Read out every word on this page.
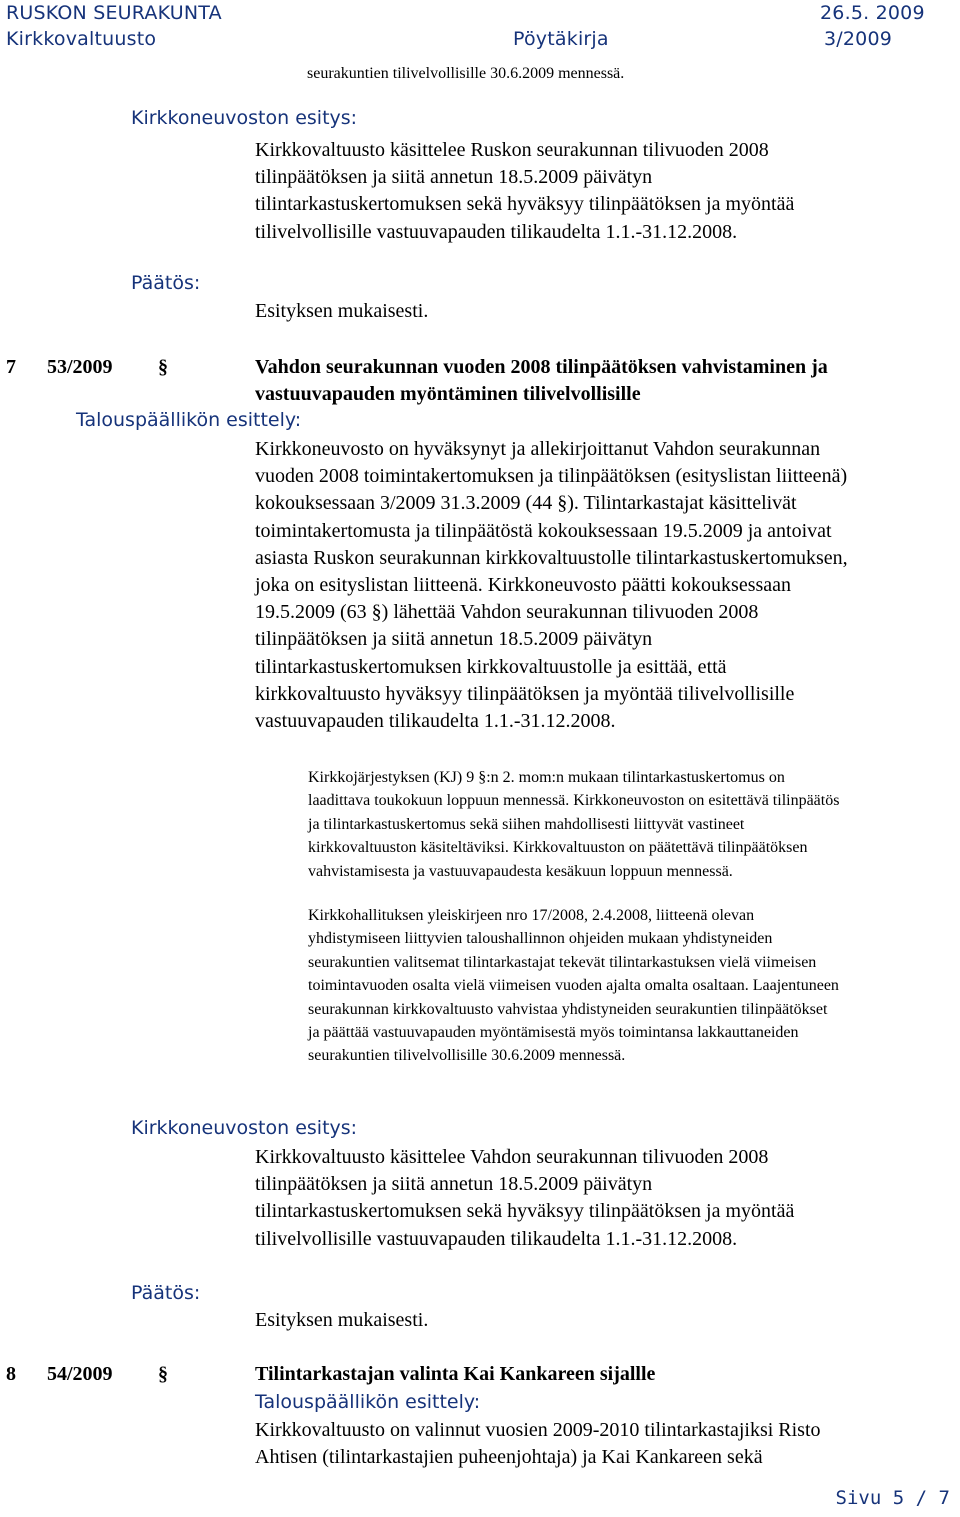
RUSKON SEURAKUNTA	26.5. 2009
Kirkkovaltuusto	Pöytäkirja	3/2009
seurakuntien tilivelvollisille 30.6.2009 mennessä.
Kirkkoneuvoston esitys:
Kirkkovaltuusto käsittelee Ruskon seurakunnan tilivuoden 2008
tilinpäätöksen ja siitä annetun 18.5.2009 päivätyn
tilintarkastuskertomuksen sekä hyväksyy tilinpäätöksen ja myöntää
tilivelvollisille vastuuvapauden tilikaudelta 1.1.-31.12.2008.
Päätös:
Esityksen mukaisesti.
7 53/2009 §	Vahdon seurakunnan vuoden 2008 tilinpäätöksen vahvistaminen ja
vastuuvapauden myöntäminen tilivelvollisille
Talouspäällikön esittely:
Kirkkoneuvosto on hyväksynyt ja allekirjoittanut Vahdon seurakunnan
vuoden 2008 toimintakertomuksen ja tilinpäätöksen (esityslistan liitteenä)
kokouksessaan 3/2009 31.3.2009 (44 §). Tilintarkastajat käsittelivät
toimintakertomusta ja tilinpäätöstä kokouksessaan 19.5.2009 ja antoivat
asiasta Ruskon seurakunnan kirkkovaltuustolle tilintarkastuskertomuksen,
joka on esityslistan liitteenä. Kirkkoneuvosto päätti kokouksessaan
19.5.2009 (63 §) lähettää Vahdon seurakunnan tilivuoden 2008
tilinpäätöksen ja siitä annetun 18.5.2009 päivätyn
tilintarkastuskertomuksen kirkkovaltuustolle ja esittää, että
kirkkovaltuusto hyväksyy tilinpäätöksen ja myöntää tilivelvollisille
vastuuvapauden tilikaudelta 1.1.-31.12.2008.
Kirkkojärjestyksen (KJ) 9 §:n 2. mom:n mukaan tilintarkastuskertomus on
laadittava toukokuun loppuun mennessä. Kirkkoneuvoston on esitettävä tilinpäätös
ja tilintarkastuskertomus sekä siihen mahdollisesti liittyvät vastineet
kirkkovaltuuston käsiteltäviksi. Kirkkovaltuuston on päätettävä tilinpäätöksen
vahvistamisesta ja vastuuvapaudesta kesäkuun loppuun mennessä.
Kirkkohallituksen yleiskirjeen nro 17/2008, 2.4.2008, liitteenä olevan
yhdistymiseen liittyvien taloushallinnon ohjeiden mukaan yhdistyneiden
seurakuntien valitsemat tilintarkastajat tekevät tilintarkastuksen vielä viimeisen
toimintavuoden osalta vielä viimeisen vuoden ajalta omalta osaltaan. Laajentuneen
seurakunnan kirkkovaltuusto vahvistaa yhdistyneiden seurakuntien tilinpäätökset
ja päättää vastuuvapauden myöntämisestä myös toimintansa lakkauttaneiden
seurakuntien tilivelvollisille 30.6.2009 mennessä.
Kirkkoneuvoston esitys:
Kirkkovaltuusto käsittelee Vahdon seurakunnan tilivuoden 2008
tilinpäätöksen ja siitä annetun 18.5.2009 päivätyn
tilintarkastuskertomuksen sekä hyväksyy tilinpäätöksen ja myöntää
tilivelvollisille vastuuvapauden tilikaudelta 1.1.-31.12.2008.
Päätös:
Esityksen mukaisesti.
8 54/2009 §	Tilintarkastajan valinta Kai Kankareen sijallle
Talouspäällikön esittely:
Kirkkovaltuusto on valinnut vuosien 2009-2010 tilintarkastajiksi Risto
Ahtisen (tilintarkastajien puheenjohtaja) ja Kai Kankareen sekä
Sivu 5 / 7
